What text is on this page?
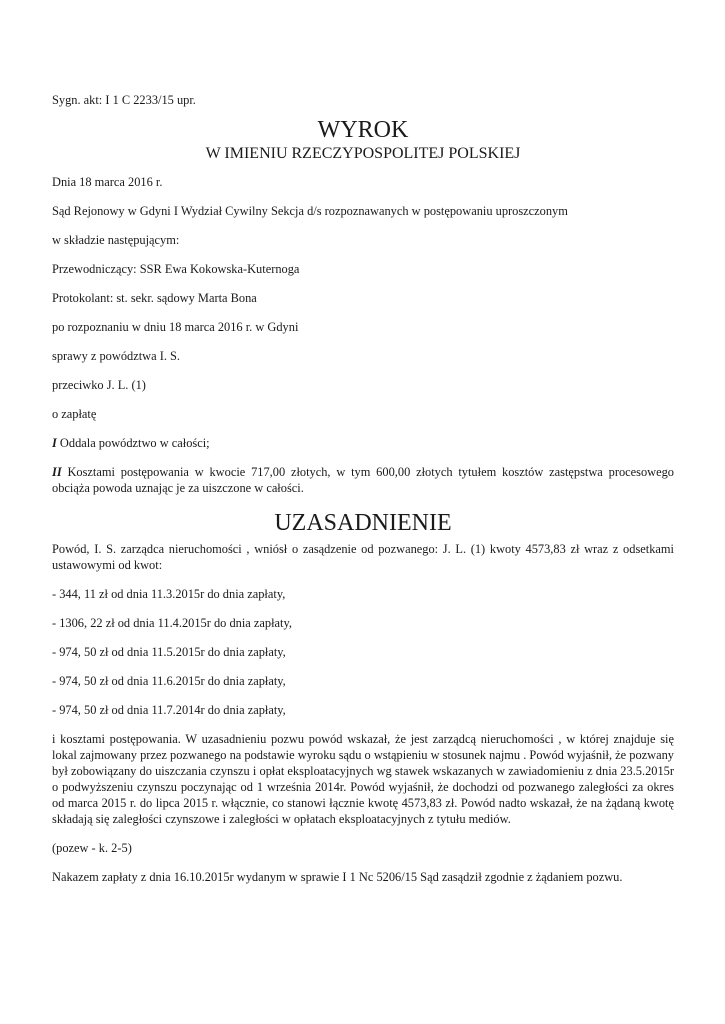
Sygn. akt: I 1 C 2233/15 upr.

WYROK

W IMIENIU RZECZYPOSPOLITEJ POLSKIEJ

Dnia 18 marca 2016 r.

Sąd Rejonowy w Gdyni I Wydział Cywilny Sekcja d/s rozpoznawanych w postępowaniu uproszczonym

w składzie następującym:

Przewodniczący: SSR Ewa Kokowska-Kuternoga

Protokolant: st. sekr. sądowy Marta Bona

po rozpoznaniu w dniu 18 marca 2016 r. w Gdyni

sprawy z powództwa I. S.

przeciwko J. L. (1)

o zapłatę

I Oddala powództwo w całości;

II Kosztami postępowania w kwocie 717,00 złotych, w tym 600,00 złotych tytułem kosztów zastępstwa procesowego obciąża powoda uznając je za uiszczone w całości.

UZASADNIENIE

Powód, I. S. zarządca nieruchomości , wniósł o zasądzenie od pozwanego: J. L. (1) kwoty 4573,83 zł wraz z odsetkami ustawowymi od kwot:

- 344, 11 zł od dnia 11.3.2015r do dnia zapłaty,

- 1306, 22 zł od dnia 11.4.2015r do dnia zapłaty,

- 974, 50 zł od dnia 11.5.2015r do dnia zapłaty,

- 974, 50 zł od dnia 11.6.2015r do dnia zapłaty,

- 974, 50 zł od dnia 11.7.2014r do dnia zapłaty,

i kosztami postępowania. W uzasadnieniu pozwu powód wskazał, że jest zarządcą nieruchomości , w której znajduje się lokal zajmowany przez pozwanego na podstawie wyroku sądu o wstąpieniu w stosunek najmu . Powód wyjaśnił, że pozwany był zobowiązany do uiszczania czynszu i opłat eksploatacyjnych wg stawek wskazanych w zawiadomieniu z dnia 23.5.2015r o podwyższeniu czynszu poczynając od 1 września 2014r. Powód wyjaśnił, że dochodzi od pozwanego zaległości za okres od marca 2015 r. do lipca 2015 r. włącznie, co stanowi łącznie kwotę 4573,83 zł. Powód nadto wskazał, że na żądaną kwotę składają się zaległości czynszowe i zaległości w opłatach eksploatacyjnych z tytułu mediów.

(pozew - k. 2-5)

Nakazem zapłaty z dnia 16.10.2015r wydanym w sprawie I 1 Nc 5206/15 Sąd zasądził zgodnie z żądaniem pozwu.
